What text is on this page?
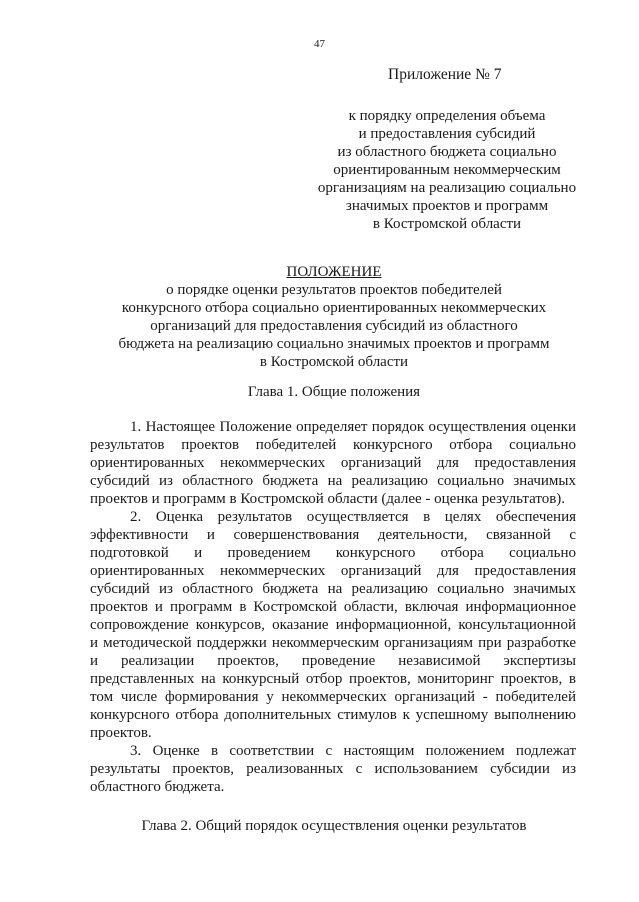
47
Приложение № 7
к порядку определения объема
и предоставления субсидий
из областного бюджета социально
ориентированным некоммерческим
организациям на реализацию социально
значимых проектов и программ
в Костромской области
ПОЛОЖЕНИЕ
о порядке оценки результатов проектов победителей
конкурсного отбора социально ориентированных некоммерческих
организаций для предоставления субсидий из областного
бюджета на реализацию социально значимых проектов и программ
в Костромской области
Глава 1. Общие положения
1. Настоящее Положение определяет порядок осуществления оценки
результатов проектов победителей конкурсного отбора социально
ориентированных некоммерческих организаций для предоставления
субсидий из областного бюджета на реализацию социально значимых
проектов и программ в Костромской области (далее - оценка результатов).
2. Оценка результатов осуществляется в целях обеспечения
эффективности и совершенствования деятельности, связанной с
подготовкой и проведением конкурсного отбора социально
ориентированных некоммерческих организаций для предоставления
субсидий из областного бюджета на реализацию социально значимых
проектов и программ в Костромской области, включая информационное
сопровождение конкурсов, оказание информационной, консультационной
и методической поддержки некоммерческим организациям при разработке
и реализации проектов, проведение независимой экспертизы
представленных на конкурсный отбор проектов, мониторинг проектов, в
том числе формирования у некоммерческих организаций - победителей
конкурсного отбора дополнительных стимулов к успешному выполнению
проектов.
3. Оценке в соответствии с настоящим положением подлежат
результаты проектов, реализованных с использованием субсидии из
областного бюджета.
Глава 2. Общий порядок осуществления оценки результатов
